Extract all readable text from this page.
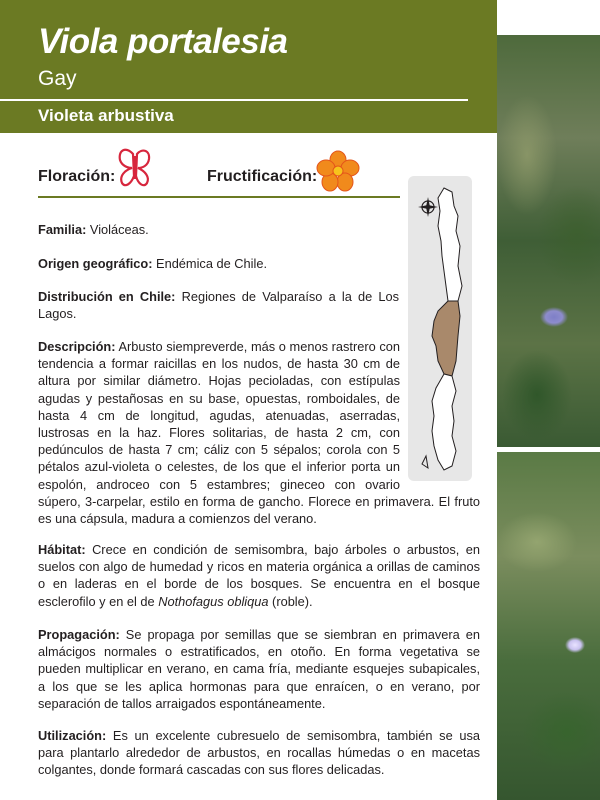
Viola portalesia
Gay
Violeta arbustiva
Floración:	Fructificación:
Familia: Violáceas.
Origen geográfico: Endémica de Chile.
Distribución en Chile: Regiones de Valparaíso a la de Los Lagos.
Descripción: Arbusto siempreverde, más o menos rastrero con tendencia a formar raicillas en los nudos, de hasta 30 cm de altura por similar diámetro. Hojas pecioladas, con estípulas agudas y pestañosas en su base, opuestas, romboidales, de hasta 4 cm de longitud, agudas, atenuadas, aserradas, lustrosas en la haz. Flores solitarias, de hasta 2 cm, con pedúnculos de hasta 7 cm; cáliz con 5 sépalos; corola con 5 pétalos azul-violeta o celestes, de los que el inferior porta un espolón, androceo con 5 estambres; gineceo con ovario súpero, 3-carpelar, estilo en forma de gancho. Florece en primavera. El fruto es una cápsula, madura a comienzos del verano.
Hábitat: Crece en condición de semisombra, bajo árboles o arbustos, en suelos con algo de humedad y ricos en materia orgánica a orillas de caminos o en laderas en el borde de los bosques. Se encuentra en el bosque esclerofilo y en el de Nothofagus obliqua (roble).
Propagación: Se propaga por semillas que se siembran en primavera en almácigos normales o estratificados, en otoño. En forma vegetativa se pueden multiplicar en verano, en cama fría, mediante esquejes subapicales, a los que se les aplica hormonas para que enraícen, o en verano, por separación de tallos arraigados espontáneamente.
Utilización: Es un excelente cubresuelo de semisombra, también se usa para plantarlo alrededor de arbustos, en rocallas húmedas o en macetas colgantes, donde formará cascadas con sus flores delicadas.
